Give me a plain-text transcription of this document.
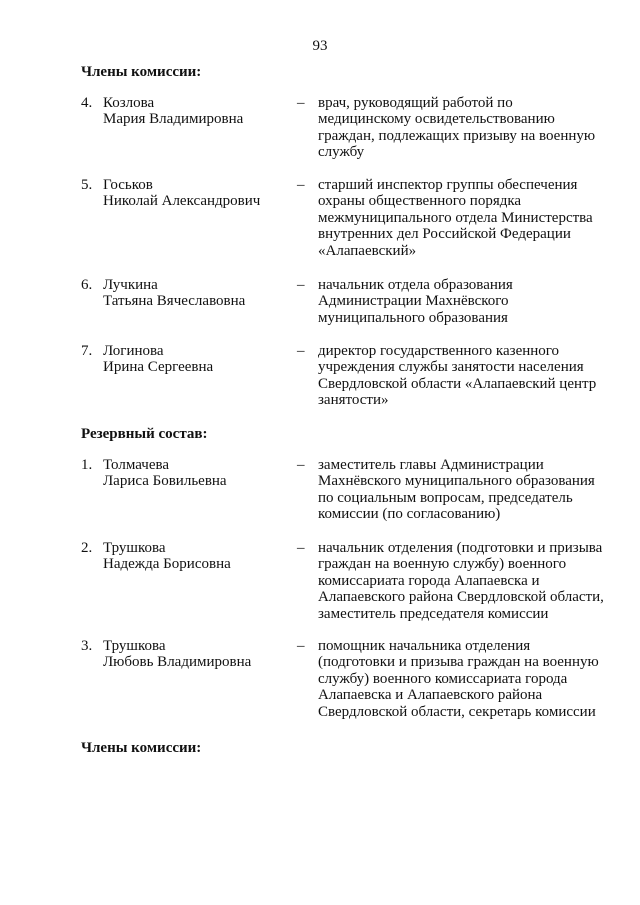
93
Члены комиссии:
4. Козлова
Мария Владимировна
– врач, руководящий работой по
медицинскому освидетельствованию
граждан, подлежащих призыву на военную
службу
5. Госьков
Николай Александрович
– старший инспектор группы обеспечения
охраны общественного порядка
межмуниципального отдела Министерства
внутренних дел Российской Федерации
«Алапаевский»
6. Лучкина
Татьяна Вячеславовна
– начальник отдела образования
Администрации Махнёвского
муниципального образования
7. Логинова
Ирина Сергеевна
– директор государственного казенного
учреждения службы занятости населения
Свердловской области «Алапаевский центр
занятости»
Резервный состав:
1. Толмачева
Лариса Бовильевна
– заместитель главы Администрации
Махнёвского муниципального образования
по социальным вопросам, председатель
комиссии (по согласованию)
2. Трушкова
Надежда Борисовна
– начальник отделения (подготовки и призыва
граждан на военную службу) военного
комиссариата города Алапаевска и
Алапаевского района Свердловской области,
заместитель председателя комиссии
3. Трушкова
Любовь Владимировна
– помощник начальника отделения
(подготовки и призыва граждан на военную
службу) военного комиссариата города
Алапаевска и Алапаевского района
Свердловской области, секретарь комиссии
Члены комиссии:
